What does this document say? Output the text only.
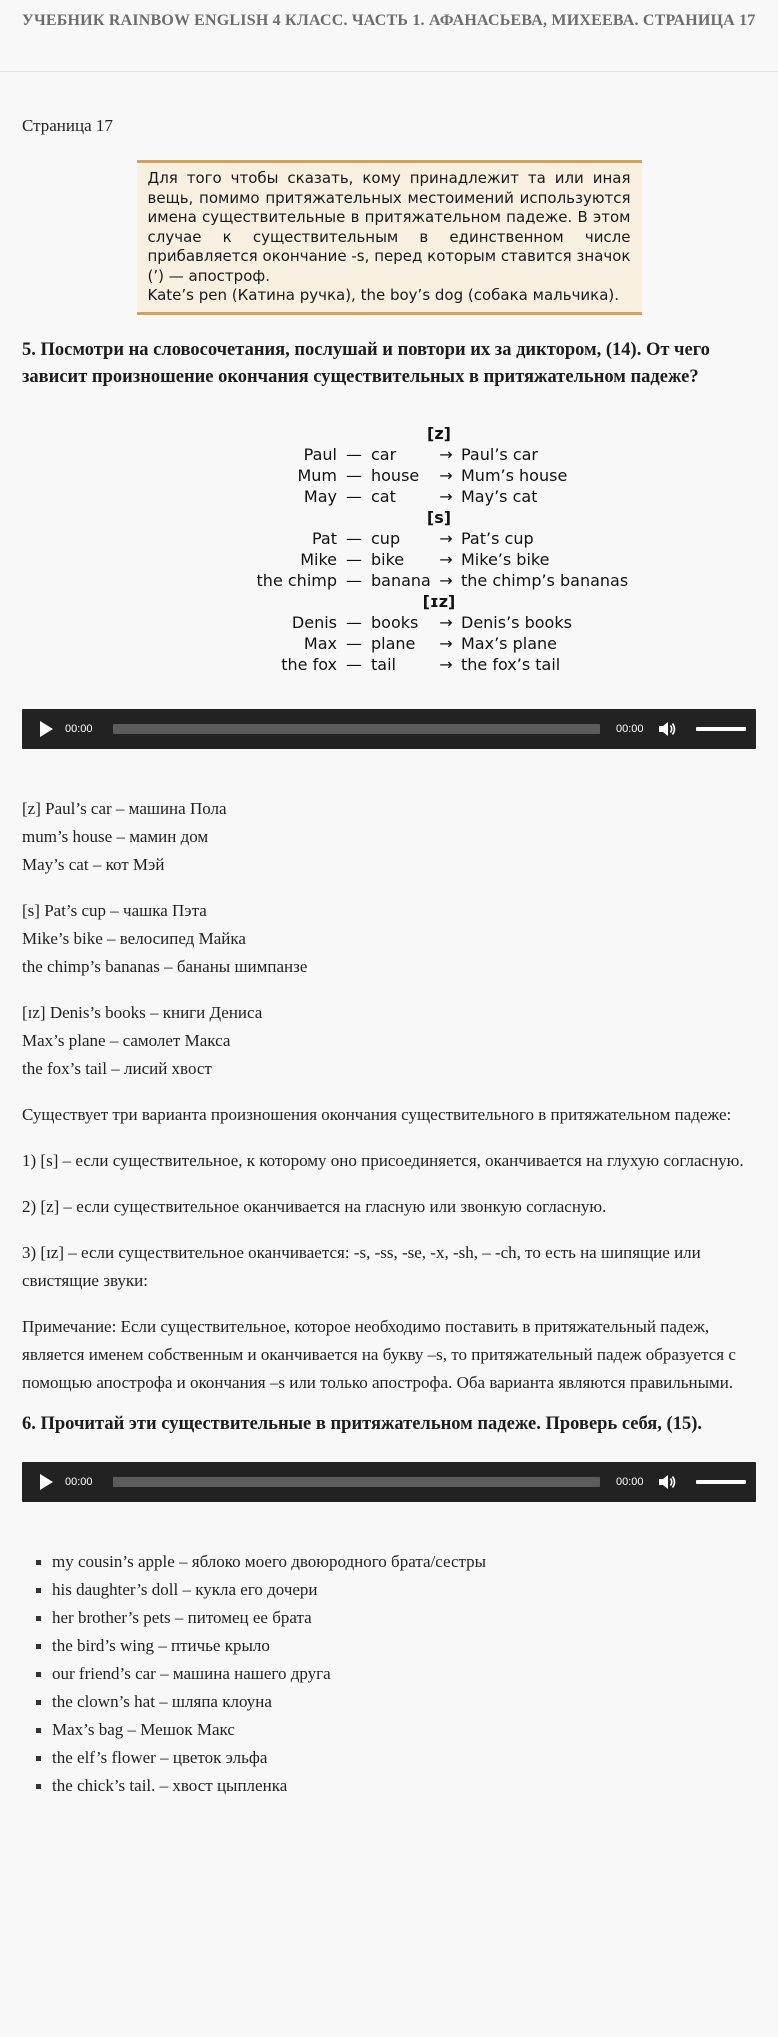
УЧЕБНИК RAINBOW ENGLISH 4 КЛАСС. ЧАСТЬ 1. АФАНАСЬЕВА, МИХЕЕВА. СТРАНИЦА 17
Страница 17

Для того чтобы сказать, кому принадлежит та или иная вещь, помимо притяжательных местоимений используются имена существительные в притяжательном падеже. В этом случае к существительным в единственном числе прибавляется окончание -s, перед которым ставится значок (’) — апостроф.

Kate’s pen (Катина ручка), the boy’s dog (собака мальчика).

5. Посмотри на словосочетания, послушай и повтори их за диктором, (14). От чего зависит произношение окончания существительных в притяжательном падеже?
[z]
Paul — car	→ Paul’s car
Mum — house	→ Mum’s house
May — cat	→ May’s cat
[s]
Pat — cup	→ Pat’s cup
Mike — bike	→ Mike’s bike
the chimp — banana → the chimp’s bananas
[ɪz]
Denis — books	→ Denis’s books
Max — plane	→ Max’s plane
the fox — tail	→ the fox’s tail
00:00	00:00

[z] Paul’s car – машина Пола

mum’s house – мамин дом

May’s cat – кот Мэй

[s] Pat’s cup – чашка Пэта

Mike’s bike – велосипед Майка

the chimp’s bananas – бананы шимпанзе

[ɪz] Denis’s books – книги Дениса

Max’s plane – самолет Макса

the fox’s tail – лисий хвост

Существует три варианта произношения окончания существительного в притяжательном падеже:

1) [s] – если существительное, к которому оно присоединяется, оканчивается на глухую согласную.

2) [z] – если существительное оканчивается на гласную или звонкую согласную.

3) [ɪz] – если существительное оканчивается: -s, -ss, -se, -x, -sh, – -ch, то есть на шипящие или свистящие звуки:

Примечание: Если существительное, которое необходимо поставить в притяжательный падеж, является именем собственным и оканчивается на букву –s, то притяжательный падеж образуется с помощью апострофа и окончания –s или только апострофа. Оба варианта являются правильными.

6. Прочитай эти существительные в притяжательном падеже. Проверь себя, (15).
00:00	00:00
my cousin’s apple – яблоко моего двоюродного брата/сестры
his daughter’s doll – кукла его дочери
her brother’s pets – питомец ее брата
the bird’s wing – птичье крыло
our friend’s car – машина нашего друга
the clown’s hat – шляпа клоуна
Max’s bag – Мешок Макс
the elf’s flower – цветок эльфа
the chick’s tail. – хвост цыпленка
